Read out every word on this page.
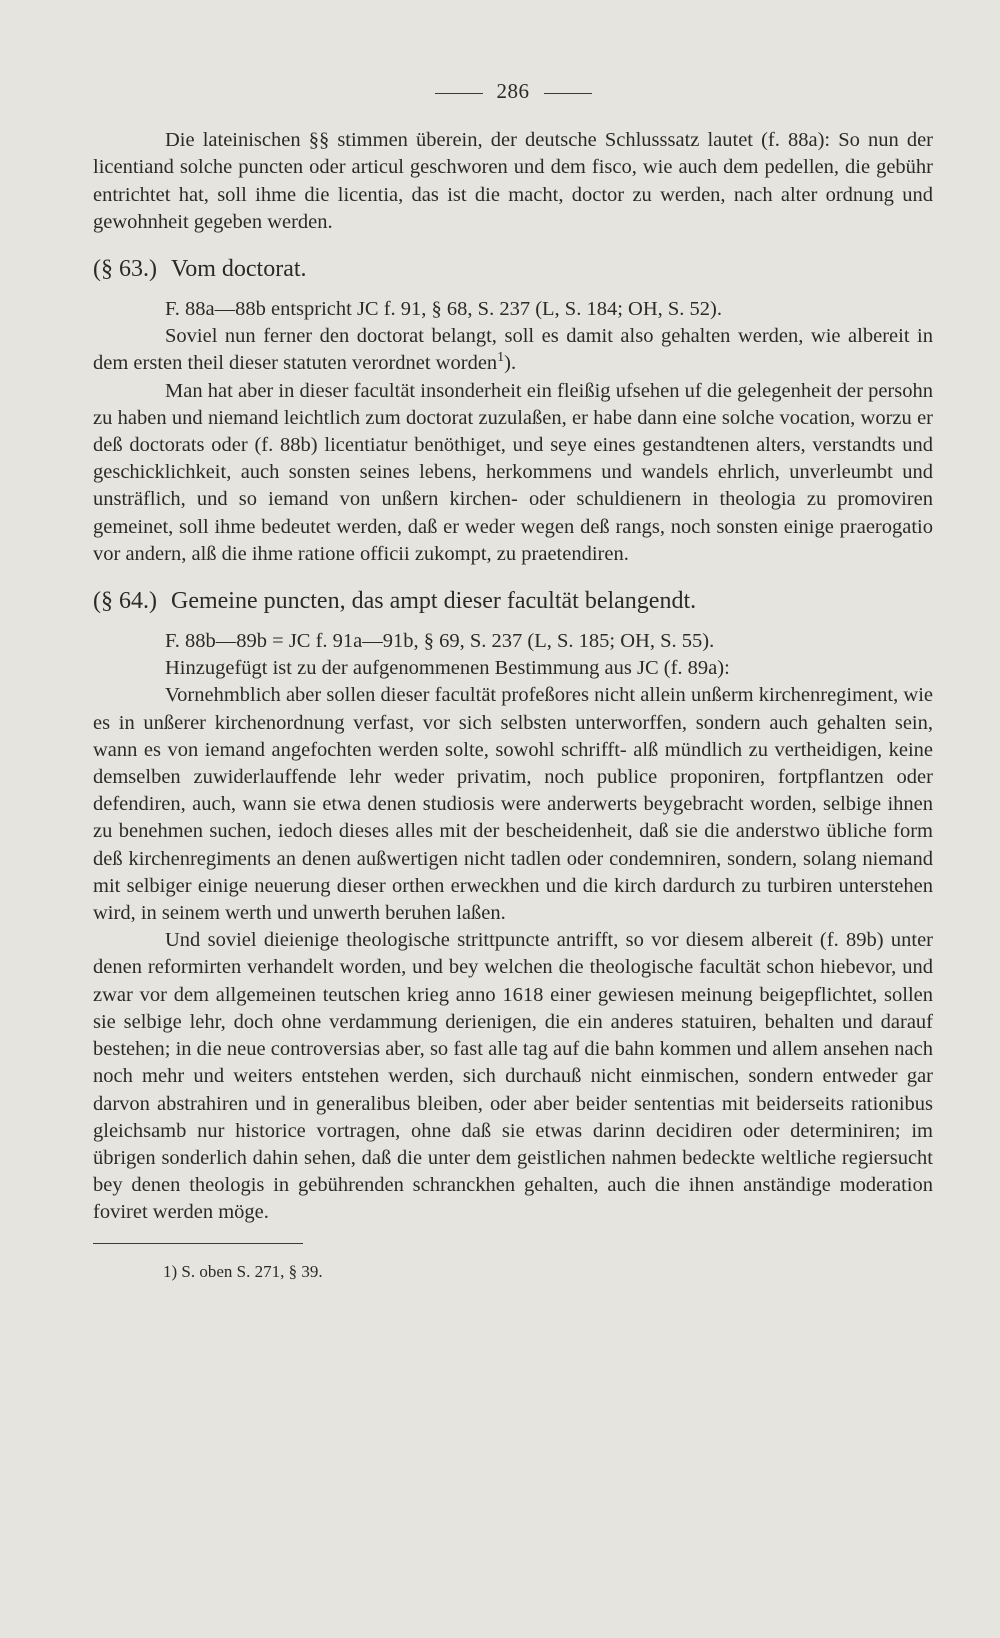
286

Die lateinischen §§ stimmen überein, der deutsche Schlusssatz lautet (f. 88a): So nun der licentiand solche puncten oder articul geschworen und dem fisco, wie auch dem pedellen, die gebühr entrichtet hat, soll ihme die licentia, das ist die macht, doctor zu werden, nach alter ordnung und gewohnheit gegeben werden.

(§ 63.) Vom doctorat.

F. 88a—88b entspricht JC f. 91, § 68, S. 237 (L, S. 184; OH, S. 52).

Soviel nun ferner den doctorat belangt, soll es damit also gehalten werden, wie albereit in dem ersten theil dieser statuten verordnet worden$^1$).

Man hat aber in dieser facultät insonderheit ein fleißig ufsehen uf die gelegenheit der persohn zu haben und niemand leichtlich zum doctorat zuzulaßen, er habe dann eine solche vocation, worzu er deß doctorats oder (f. 88b) licentiatur benöthiget, und seye eines gestandtenen alters, verstandts und geschicklichkeit, auch sonsten seines lebens, herkommens und wandels ehrlich, unverleumbt und unsträflich, und so iemand von unßern kirchen- oder schuldienern in theologia zu promoviren gemeinet, soll ihme bedeutet werden, daß er weder wegen deß rangs, noch sonsten einige praerogatio vor andern, alß die ihme ratione officii zukompt, zu praetendiren.

(§ 64.) Gemeine puncten, das ampt dieser facultät belangendt.

F. 88b—89b = JC f. 91a—91b, § 69, S. 237 (L, S. 185; OH, S. 55).

Hinzugefügt ist zu der aufgenommenen Bestimmung aus JC (f. 89a):

Vornehmblich aber sollen dieser facultät profeßores nicht allein unßerm kirchenregiment, wie es in unßerer kirchenordnung verfast, vor sich selbsten unterworffen, sondern auch gehalten sein, wann es von iemand angefochten werden solte, sowohl schrifft- alß mündlich zu vertheidigen, keine demselben zuwiderlauffende lehr weder privatim, noch publice proponiren, fortpflantzen oder defendiren, auch, wann sie etwa denen studiosis were anderwerts beygebracht worden, selbige ihnen zu benehmen suchen, iedoch dieses alles mit der bescheidenheit, daß sie die anderstwo übliche form deß kirchenregiments an denen außwertigen nicht tadlen oder condemniren, sondern, solang niemand mit selbiger einige neuerung dieser orthen erweckhen und die kirch dardurch zu turbiren unterstehen wird, in seinem werth und unwerth beruhen laßen.

Und soviel dieienige theologische strittpuncte antrifft, so vor diesem albereit (f. 89b) unter denen reformirten verhandelt worden, und bey welchen die theologische facultät schon hiebevor, und zwar vor dem allgemeinen teutschen krieg anno 1618 einer gewiesen meinung beigepflichtet, sollen sie selbige lehr, doch ohne verdammung derienigen, die ein anderes statuiren, behalten und darauf bestehen; in die neue controversias aber, so fast alle tag auf die bahn kommen und allem ansehen nach noch mehr und weiters entstehen werden, sich durchauß nicht einmischen, sondern entweder gar darvon abstrahiren und in generalibus bleiben, oder aber beider sententias mit beiderseits rationibus gleichsamb nur historice vortragen, ohne daß sie etwas darinn decidiren oder determiniren; im übrigen sonderlich dahin sehen, daß die unter dem geistlichen nahmen bedeckte weltliche regiersucht bey denen theologis in gebührenden schranckhen gehalten, auch die ihnen anständige moderation foviret werden möge.

1) S. oben S. 271, § 39.
